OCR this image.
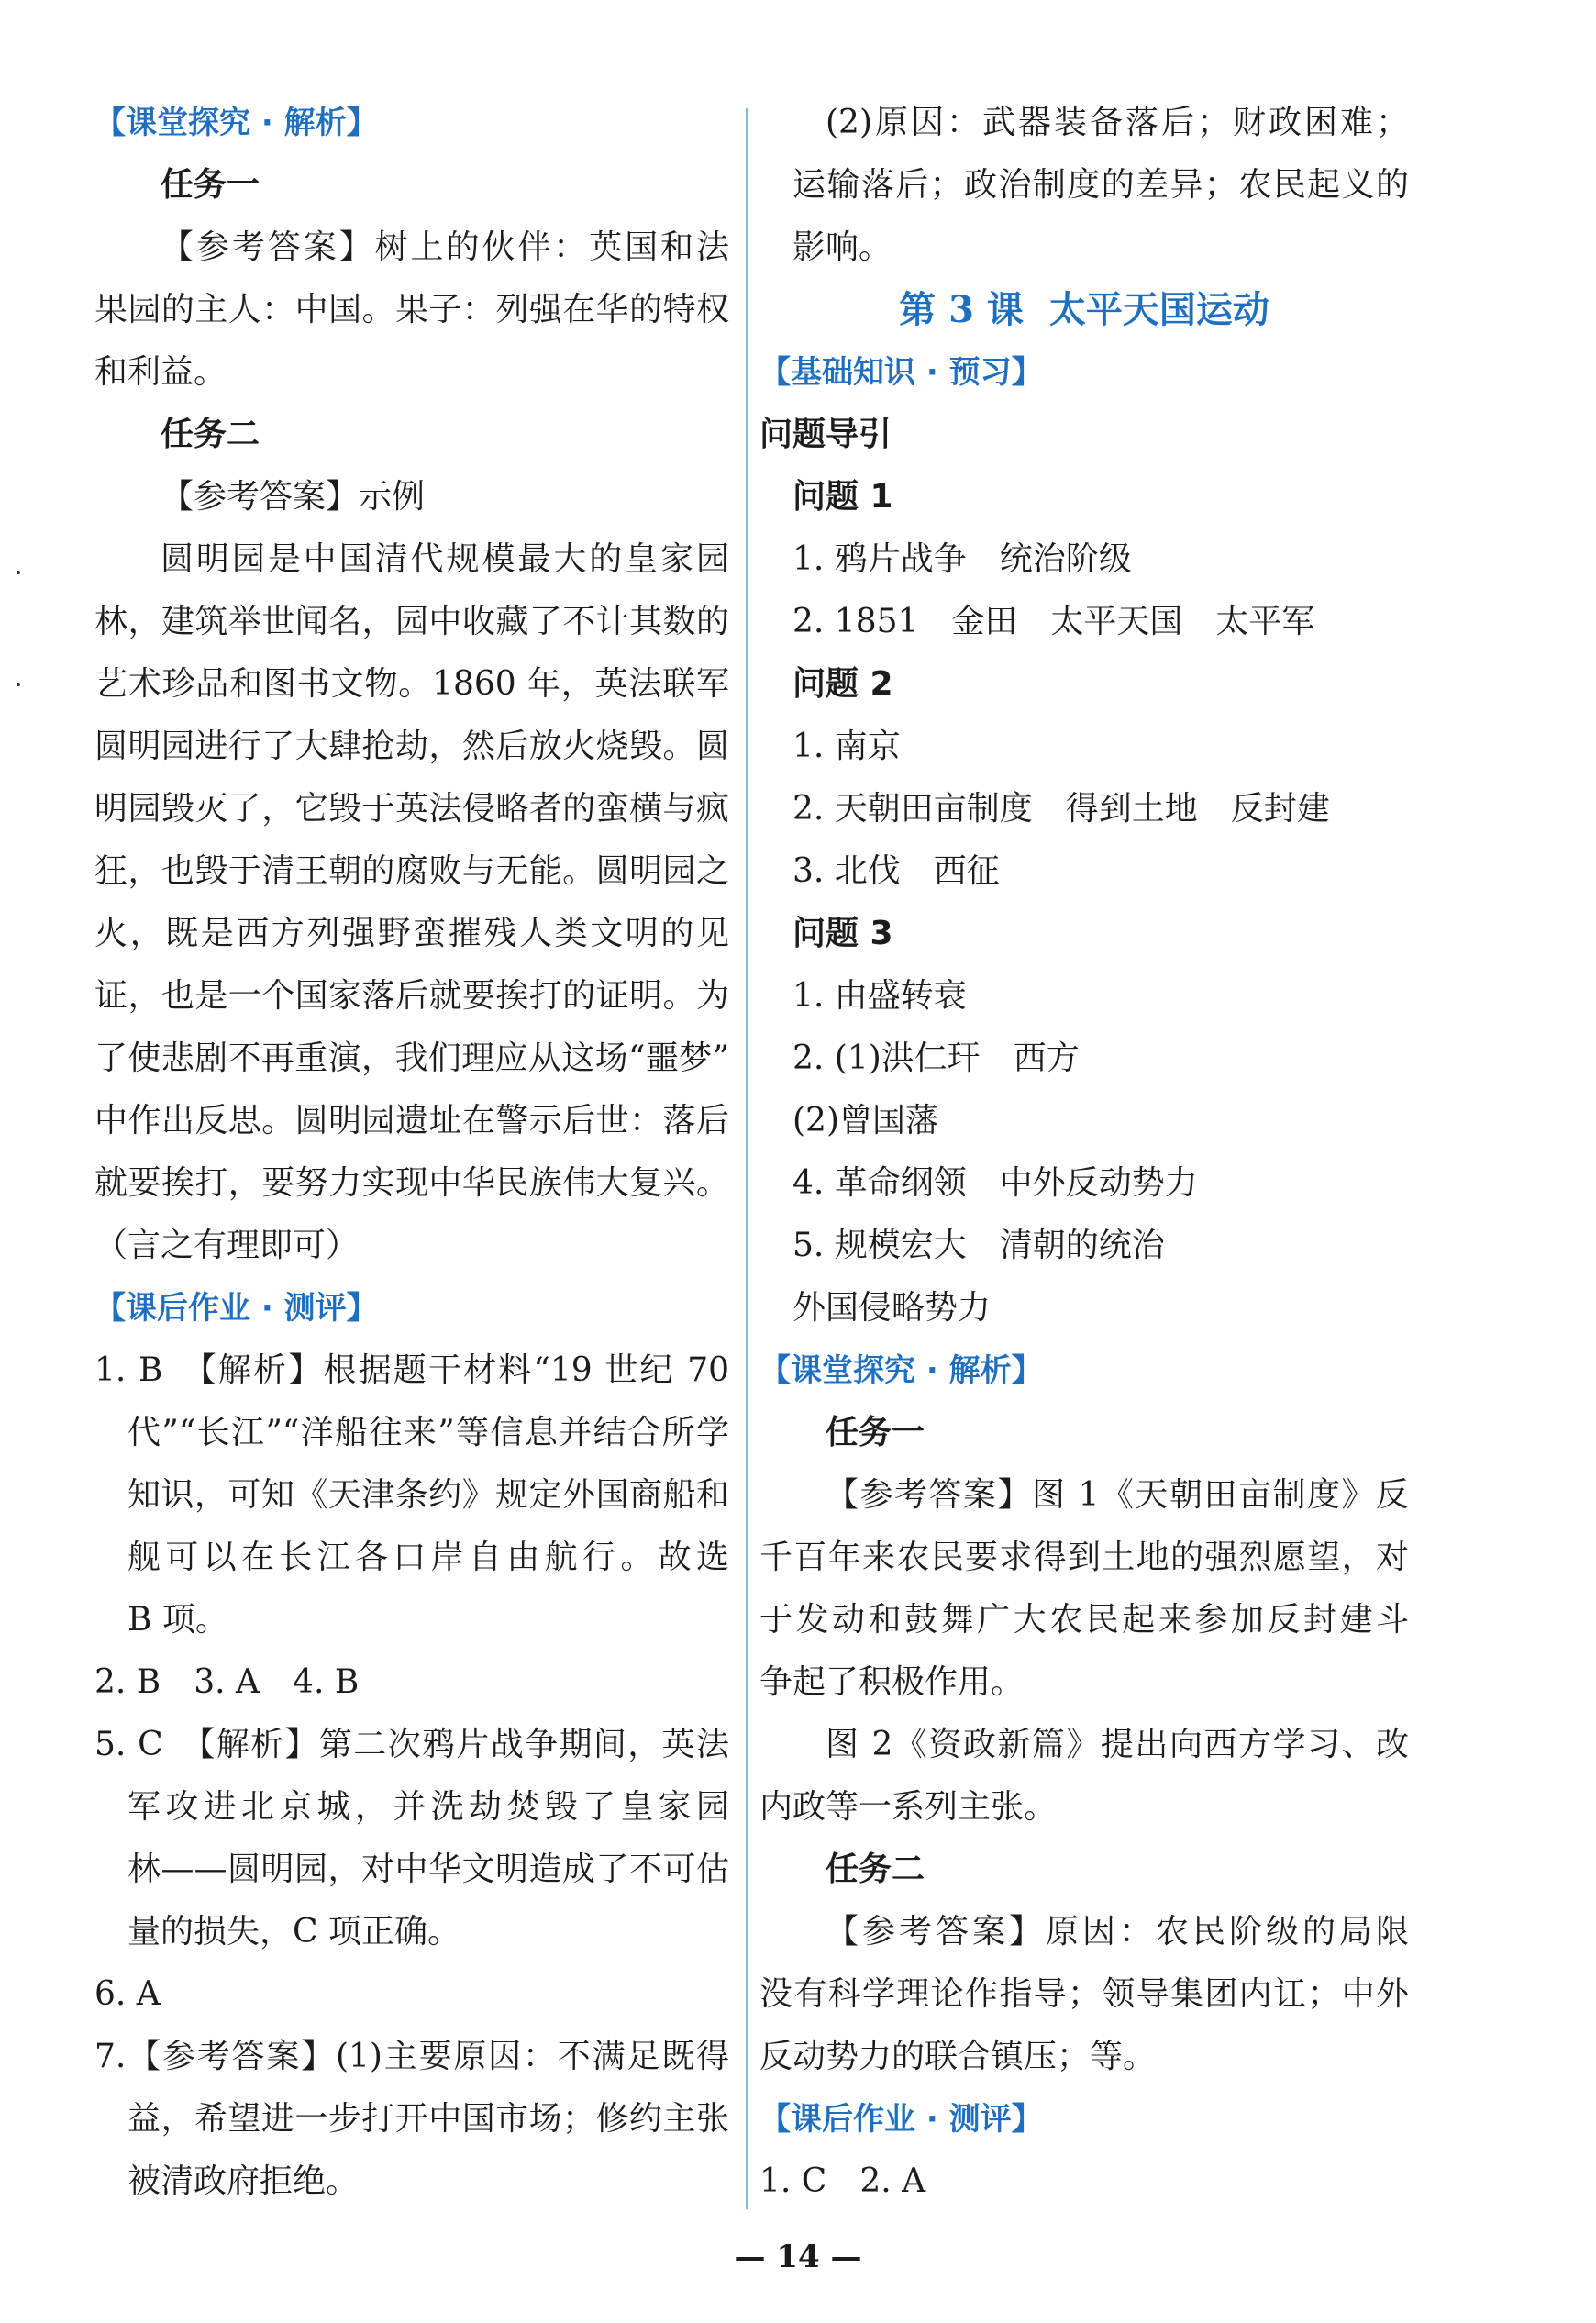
【课堂探究 · 解析】
任务一
【参考答案】树上的伙伴：英国和法
果园的主人：中国。果子：列强在华的特权
和利益。
任务二
【参考答案】示例
圆明园是中国清代规模最大的皇家园
林，建筑举世闻名，园中收藏了不计其数的
艺术珍品和图书文物。1860 年，英法联军
圆明园进行了大肆抢劫，然后放火烧毁。圆
明园毁灭了，它毁于英法侵略者的蛮横与疯
狂，也毁于清王朝的腐败与无能。圆明园之
火，既是西方列强野蛮摧残人类文明的见
证，也是一个国家落后就要挨打的证明。为
了使悲剧不再重演，我们理应从这场“噩梦”
中作出反思。圆明园遗址在警示后世：落后
就要挨打，要努力实现中华民族伟大复兴。
（言之有理即可）
【课后作业 · 测评】
1. B　【解析】根据题干材料“19 世纪 70
代”“长江”“洋船往来”等信息并结合所学
知识，可知《天津条约》规定外国商船和
舰可以在长江各口岸自由航行。故选
B 项。
2. B　3. A　4. B
5. C　【解析】第二次鸦片战争期间，英法
军攻进北京城，并洗劫焚毁了皇家园
林——圆明园，对中华文明造成了不可估
量的损失，C 项正确。
6. A
7.【参考答案】(1)主要原因：不满足既得
益，希望进一步打开中国市场；修约主张
被清政府拒绝。
(2)原因：武器装备落后；财政困难；
运输落后；政治制度的差异；农民起义的
影响。
第 3 课 太平天国运动
【基础知识 · 预习】
问题导引
问题 1
1. 鸦片战争　统治阶级
2. 1851　金田　太平天国　太平军
问题 2
1. 南京
2. 天朝田亩制度　得到土地　反封建
3. 北伐　西征
问题 3
1. 由盛转衰
2. (1)洪仁玕　西方
(2)曾国藩
4. 革命纲领　中外反动势力
5. 规模宏大　清朝的统治
外国侵略势力
【课堂探究 · 解析】
任务一
【参考答案】图 1《天朝田亩制度》反
千百年来农民要求得到土地的强烈愿望，对
于发动和鼓舞广大农民起来参加反封建斗
争起了积极作用。
图 2《资政新篇》提出向西方学习、改
内政等一系列主张。
任务二
【参考答案】原因：农民阶级的局限
没有科学理论作指导；领导集团内讧；中外
反动势力的联合镇压；等。
【课后作业 · 测评】
1. C　2. A
— 14 —
